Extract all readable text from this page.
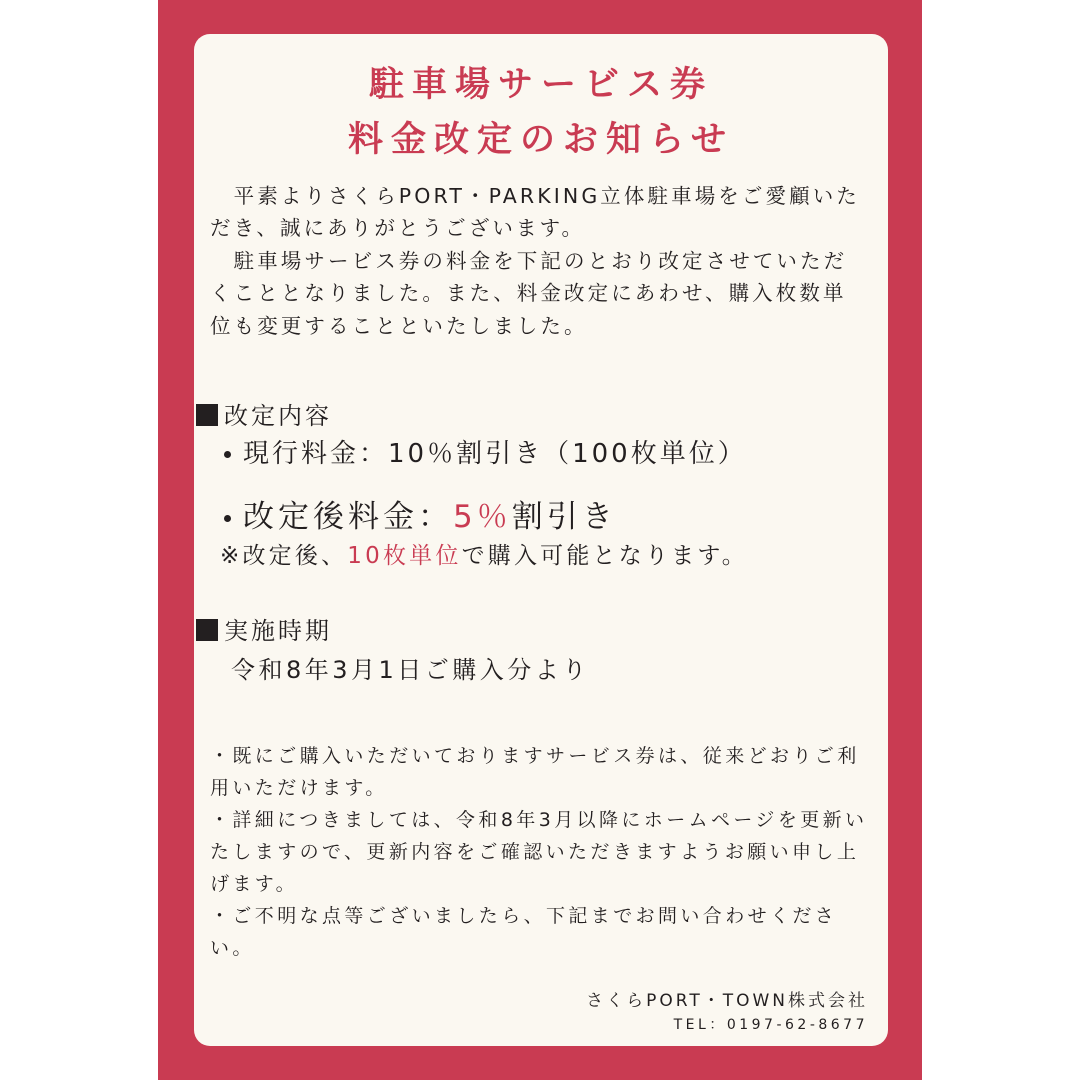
駐車場サービス券
料金改定のお知らせ

　平素よりさくらPORT・PARKING立体駐車場をご愛顧いただき、誠にありがとうございます。

　駐車場サービス券の料金を下記のとおり改定させていただくこととなりました。また、料金改定にあわせ、購入枚数単位も変更することといたしました。

改定内容
現行料金：10％割引き（100枚単位）
改定後料金：5％割引き
※改定後、10枚単位で購入可能となります。
実施時期
令和8年3月1日ご購入分より

・既にご購入いただいておりますサービス券は、従来どおりご利用いただけます。

・詳細につきましては、令和8年3月以降にホームページを更新いたしますので、更新内容をご確認いただきますようお願い申し上げます。

・ご不明な点等ございましたら、下記までお問い合わせください。

さくらPORT・TOWN株式会社
TEL：0197-62-8677
